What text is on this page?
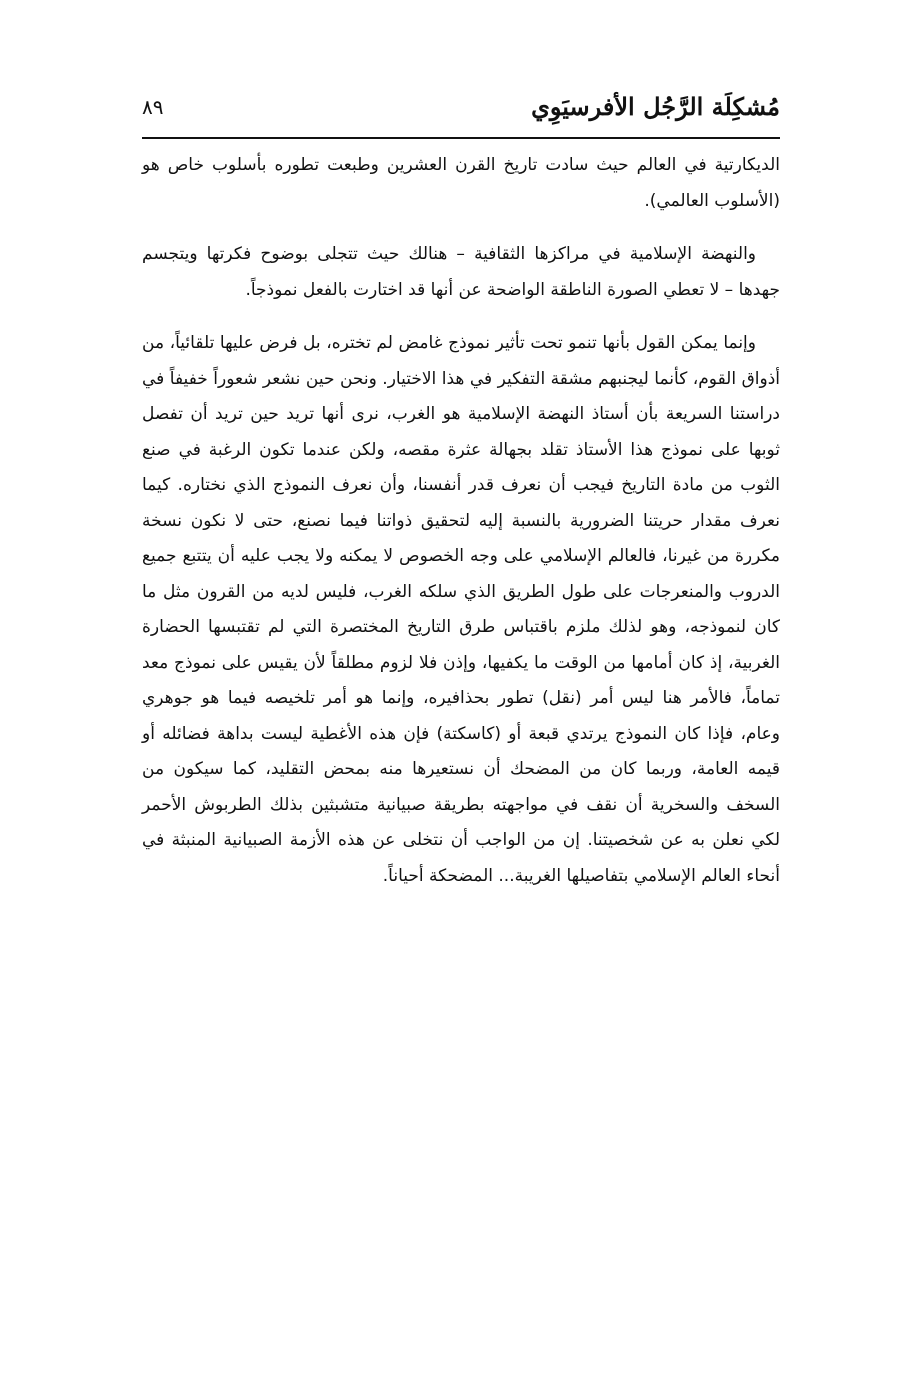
مُشكِلَة الرَّجُل الأفرسيَوِي
٨٩

الديكارتية في العالم حيث سادت تاريخ القرن العشرين وطبعت تطوره بأسلوب خاص هو (الأسلوب العالمي).

والنهضة الإسلامية في مراكزها الثقافية – هنالك حيث تتجلى بوضوح فكرتها ويتجسم جهدها – لا تعطي الصورة الناطقة الواضحة عن أنها قد اختارت بالفعل نموذجاً.

وإنما يمكن القول بأنها تنمو تحت تأثير نموذج غامض لم تختره، بل فرض عليها تلقائياً، من أذواق القوم، كأنما ليجنبهم مشقة التفكير في هذا الاختيار. ونحن حين نشعر شعوراً خفيفاً في دراستنا السريعة بأن أستاذ النهضة الإسلامية هو الغرب، نرى أنها تريد حين تريد أن تفصل ثوبها على نموذج هذا الأستاذ تقلد بجهالة عثرة مقصه، ولكن عندما تكون الرغبة في صنع الثوب من مادة التاريخ فيجب أن نعرف قدر أنفسنا، وأن نعرف النموذج الذي نختاره. كيما نعرف مقدار حريتنا الضرورية بالنسبة إليه لتحقيق ذواتنا فيما نصنع، حتى لا نكون نسخة مكررة من غيرنا، فالعالم الإسلامي على وجه الخصوص لا يمكنه ولا يجب عليه أن يتتبع جميع الدروب والمنعرجات على طول الطريق الذي سلكه الغرب، فليس لديه من القرون مثل ما كان لنموذجه، وهو لذلك ملزم باقتباس طرق التاريخ المختصرة التي لم تقتبسها الحضارة الغربية، إذ كان أمامها من الوقت ما يكفيها، وإذن فلا لزوم مطلقاً لأن يقيس على نموذج معد تماماً، فالأمر هنا ليس أمر (نقل) تطور بحذافيره، وإنما هو أمر تلخيصه فيما هو جوهري وعام، فإذا كان النموذج يرتدي قبعة أو (كاسكتة) فإن هذه الأغطية ليست بداهة فضائله أو قيمه العامة، وربما كان من المضحك أن نستعيرها منه بمحض التقليد، كما سيكون من السخف والسخرية أن نقف في مواجهته بطريقة صبيانية متشبثين بذلك الطربوش الأحمر لكي نعلن به عن شخصيتنا. إن من الواجب أن نتخلى عن هذه الأزمة الصبيانية المنبثة في أنحاء العالم الإسلامي بتفاصيلها الغريبة... المضحكة أحياناً.
